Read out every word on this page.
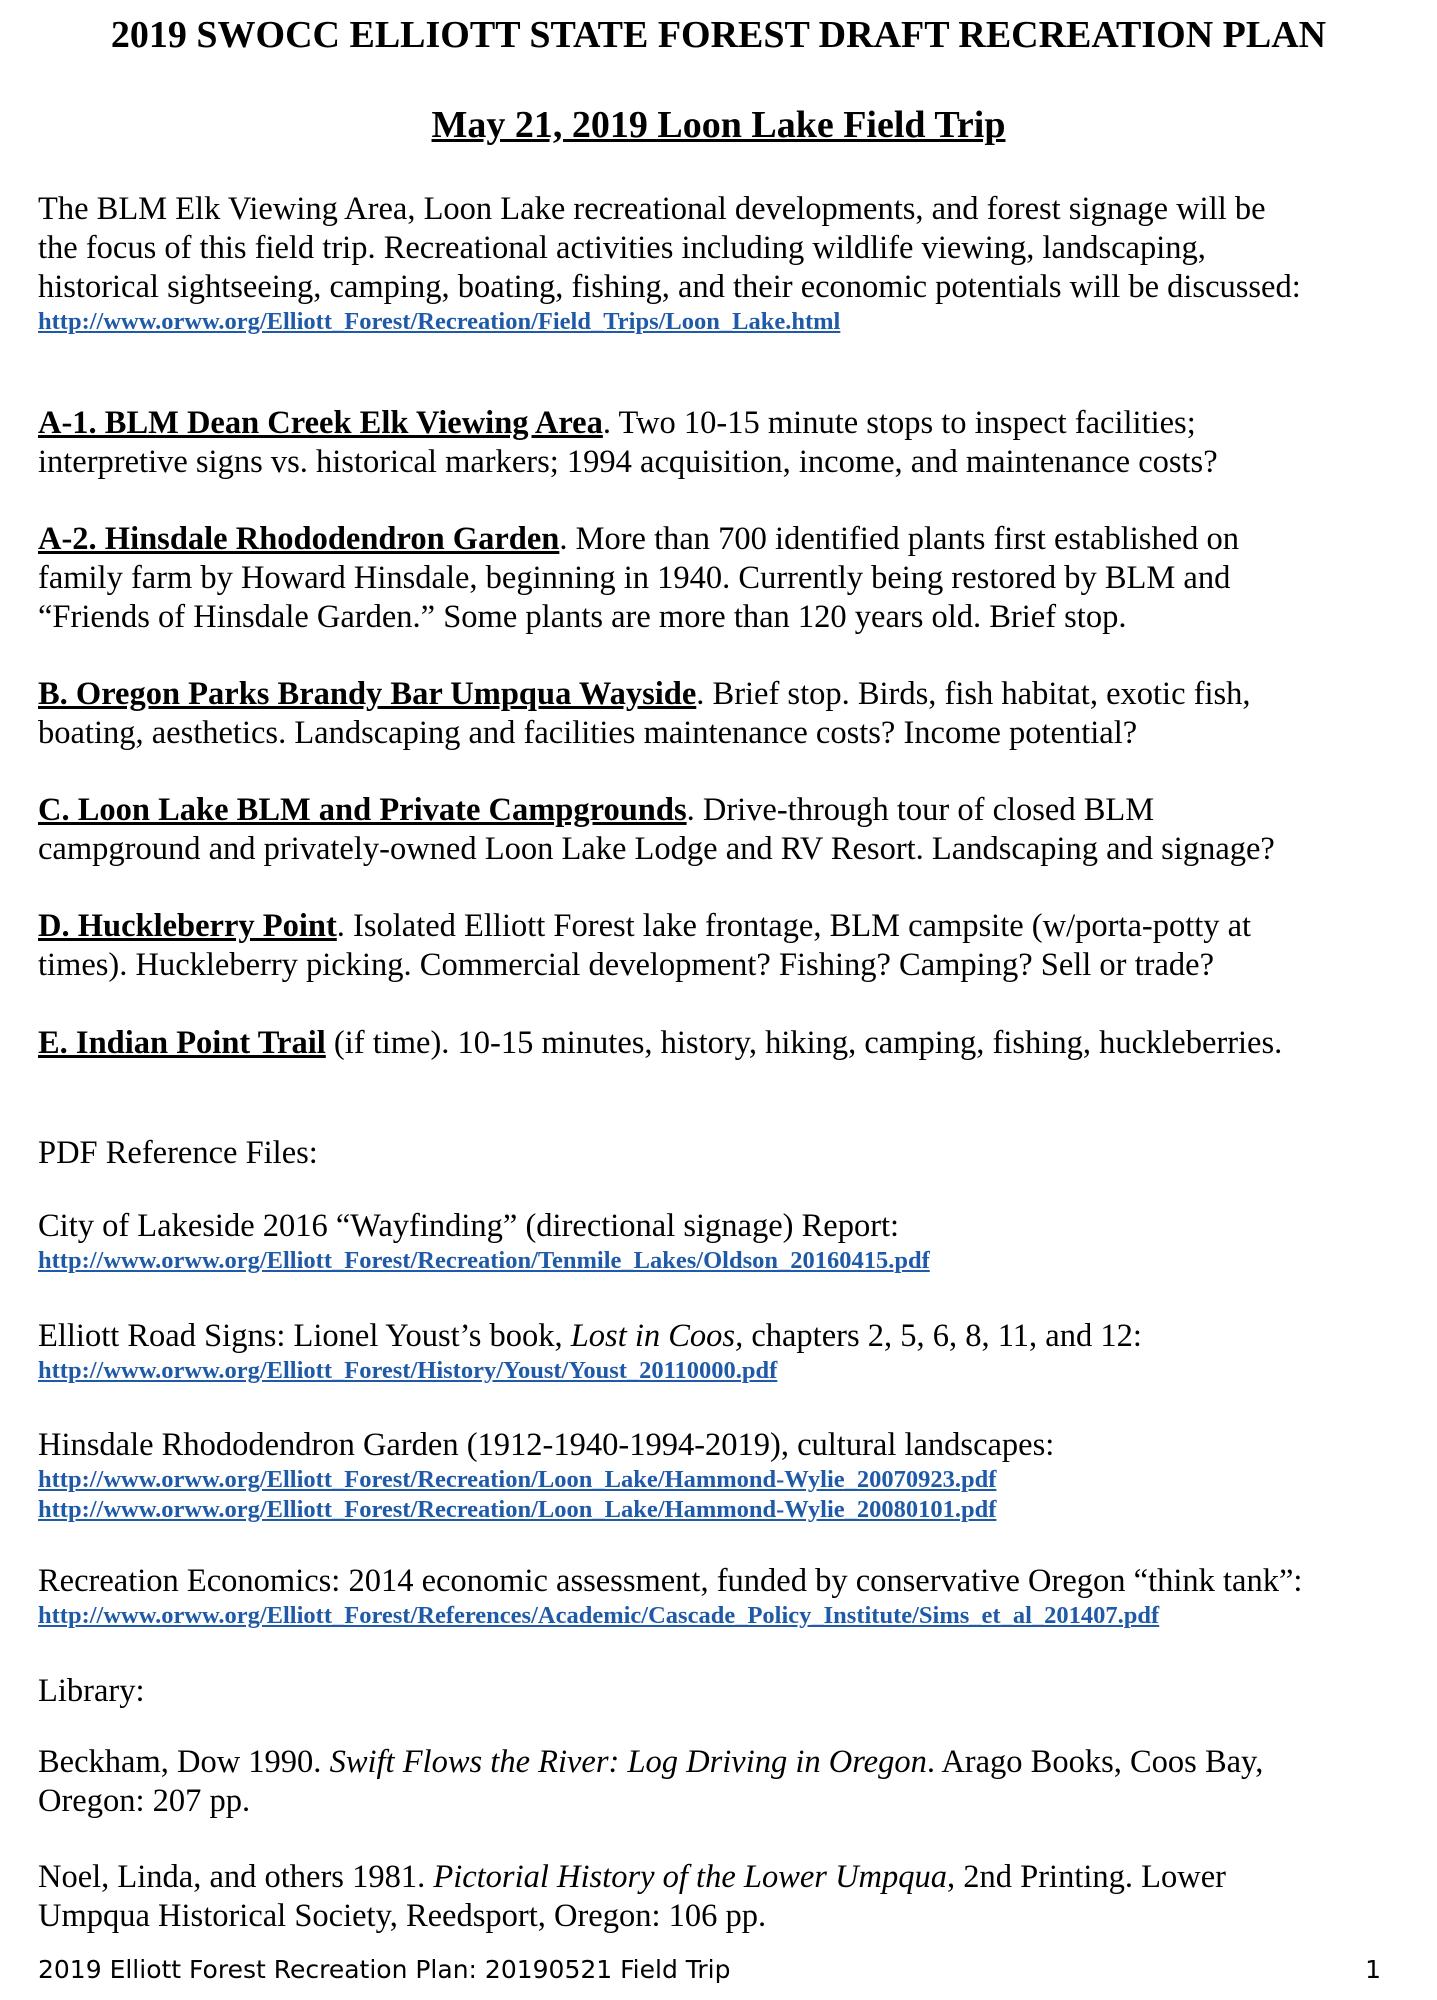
2019 SWOCC ELLIOTT STATE FOREST DRAFT RECREATION PLAN
May 21, 2019 Loon Lake Field Trip

The BLM Elk Viewing Area, Loon Lake recreational developments, and forest signage will be

the focus of this field trip. Recreational activities including wildlife viewing, landscaping,

historical sightseeing, camping, boating, fishing, and their economic potentials will be discussed:

http://www.orww.org/Elliott_Forest/Recreation/Field_Trips/Loon_Lake.html

A-1. BLM Dean Creek Elk Viewing Area. Two 10-15 minute stops to inspect facilities;

interpretive signs vs. historical markers; 1994 acquisition, income, and maintenance costs?

A-2. Hinsdale Rhododendron Garden. More than 700 identified plants first established on

family farm by Howard Hinsdale, beginning in 1940. Currently being restored by BLM and

“Friends of Hinsdale Garden.” Some plants are more than 120 years old. Brief stop.

B. Oregon Parks Brandy Bar Umpqua Wayside. Brief stop. Birds, fish habitat, exotic fish,

boating, aesthetics. Landscaping and facilities maintenance costs? Income potential?

C. Loon Lake BLM and Private Campgrounds. Drive-through tour of closed BLM

campground and privately-owned Loon Lake Lodge and RV Resort. Landscaping and signage?

D. Huckleberry Point. Isolated Elliott Forest lake frontage, BLM campsite (w/porta-potty at

times). Huckleberry picking. Commercial development? Fishing? Camping? Sell or trade?

E. Indian Point Trail (if time). 10-15 minutes, history, hiking, camping, fishing, huckleberries.

PDF Reference Files:

City of Lakeside 2016 “Wayfinding” (directional signage) Report:

http://www.orww.org/Elliott_Forest/Recreation/Tenmile_Lakes/Oldson_20160415.pdf

Elliott Road Signs: Lionel Youst’s book, Lost in Coos, chapters 2, 5, 6, 8, 11, and 12:

http://www.orww.org/Elliott_Forest/History/Youst/Youst_20110000.pdf

Hinsdale Rhododendron Garden (1912-1940-1994-2019), cultural landscapes:

http://www.orww.org/Elliott_Forest/Recreation/Loon_Lake/Hammond-Wylie_20070923.pdf
http://www.orww.org/Elliott_Forest/Recreation/Loon_Lake/Hammond-Wylie_20080101.pdf

Recreation Economics: 2014 economic assessment, funded by conservative Oregon “think tank”:

http://www.orww.org/Elliott_Forest/References/Academic/Cascade_Policy_Institute/Sims_et_al_201407.pdf

Library:

Beckham, Dow 1990. Swift Flows the River: Log Driving in Oregon. Arago Books, Coos Bay,

Oregon: 207 pp.

Noel, Linda, and others 1981. Pictorial History of the Lower Umpqua, 2nd Printing. Lower

Umpqua Historical Society, Reedsport, Oregon: 106 pp.

2019 Elliott Forest Recreation Plan: 20190521 Field Trip	1
